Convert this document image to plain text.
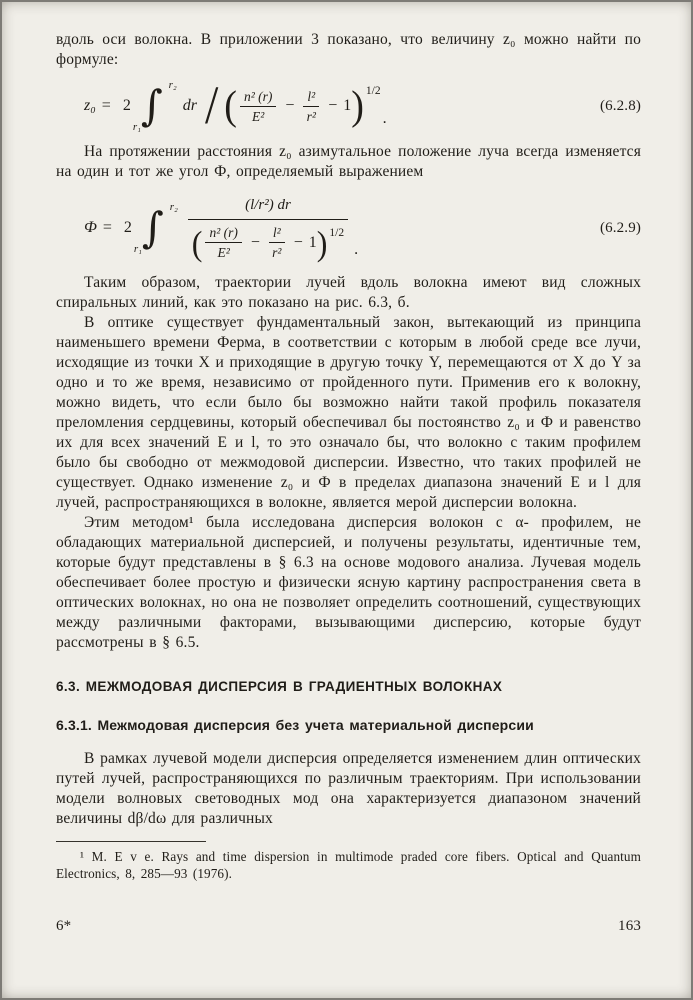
вдоль оси волокна. В приложении 3 показано, что величину z₀ можно найти по формуле:

z₀ = 2
r₂
∫
r₁
dr / ( $\frac{\text{n² (r)}}{\text{E²}} - \frac{\text{l²}}{\text{r²}} - 1$ ) 1/2
.
(6.2.8)

На протяжении расстояния z₀ азимутальное положение луча всегда изменяется на один и тот же угол Ф, определяемый выражением

Ф = 2
r₂
∫
r₁
(l/r²) dr
( $\frac{\text{n² (r)}}{\text{E²}} - \frac{\text{l²}}{\text{r²}} - 1$ ) 1/2
.
(6.2.9)

Таким образом, траектории лучей вдоль волокна имеют вид сложных спиральных линий, как это показано на рис. 6.3, б.

В оптике существует фундаментальный закон, вытекающий из принципа наименьшего времени Ферма, в соответствии с которым в любой среде все лучи, исходящие из точки X и приходящие в другую точку Y, перемещаются от X до Y за одно и то же время, независимо от пройденного пути. Применив его к волокну, можно видеть, что если было бы возможно найти такой профиль показателя преломления сердцевины, который обеспечивал бы постоянство z₀ и Ф и равенство их для всех значений E и l, то это означало бы, что волокно с таким профилем было бы свободно от межмодовой дисперсии. Известно, что таких профилей не существует. Однако изменение z₀ и Ф в пределах диапазона значений E и l для лучей, распространяющихся в волокне, является мерой дисперсии волокна.

Этим методом¹ была исследована дисперсия волокон с α- профилем, не обладающих материальной дисперсией, и получены результаты, идентичные тем, которые будут представлены в § 6.3 на основе модового анализа. Лучевая модель обеспечивает более простую и физически ясную картину распространения света в оптических волокнах, но она не позволяет определить соотношений, существующих между различными факторами, вызывающими дисперсию, которые будут рассмотрены в § 6.5.

6.3. МЕЖМОДОВАЯ ДИСПЕРСИЯ В ГРАДИЕНТНЫХ ВОЛОКНАХ
6.3.1. Межмодовая дисперсия без учета материальной дисперсии

В рамках лучевой модели дисперсия определяется изменением длин оптических путей лучей, распространяющихся по различным траекториям. При использовании модели волновых световодных мод она характеризуется диапазоном значений величины dβ/dω для различных

¹ M. E v e. Rays and time dispersion in multimode praded core fibers. Optical and Quantum Electronics, 8, 285—93 (1976).

6*	163
